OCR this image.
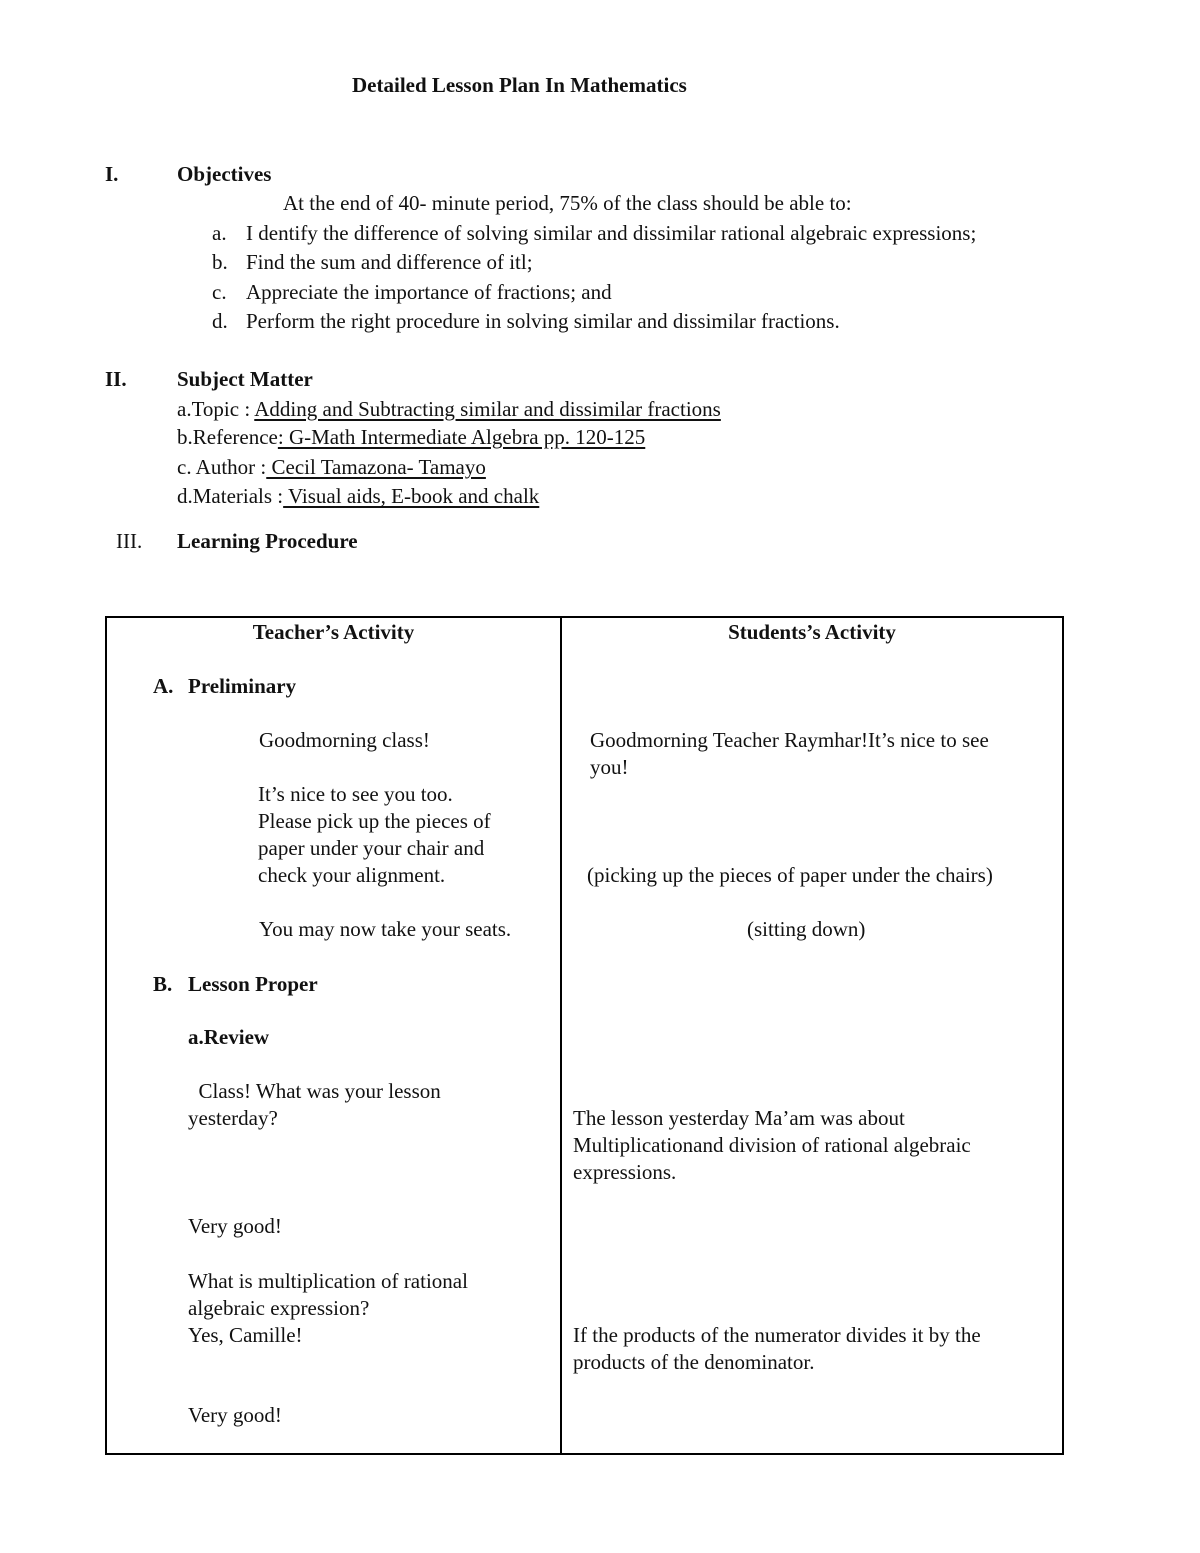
Detailed Lesson Plan In Mathematics
I.	Objectives
At the end of 40- minute period, 75% of the class should be able to:
a. I dentify the difference of solving similar and dissimilar rational algebraic expressions;
b. Find the sum and difference of itl;
c. Appreciate the importance of fractions; and
d. Perform the right procedure in solving similar and dissimilar fractions.
II. Subject Matter
a.Topic : Adding and Subtracting similar and dissimilar fractions
b.Reference: G-Math Intermediate Algebra pp. 120-125
c. Author : Cecil Tamazona- Tamayo
d.Materials : Visual aids, E-book and chalk
III. Learning Procedure
Teacher’s Activity	Students’s Activity
A. Preliminary
Goodmorning class!	Goodmorning Teacher Raymhar!It’s nice to see
you!
It’s nice to see you too.
Please pick up the pieces of
paper under your chair and
check your alignment.	(picking up the pieces of paper under the chairs)
You may now take your seats.	(sitting down)
B. Lesson Proper
a.Review
Class! What was your lesson
yesterday?	The lesson yesterday Ma’am was about
Multiplicationand division of rational algebraic
expressions.
Very good!
What is multiplication of rational
algebraic expression?
Yes, Camille!	If the products of the numerator divides it by the
products of the denominator.
Very good!
